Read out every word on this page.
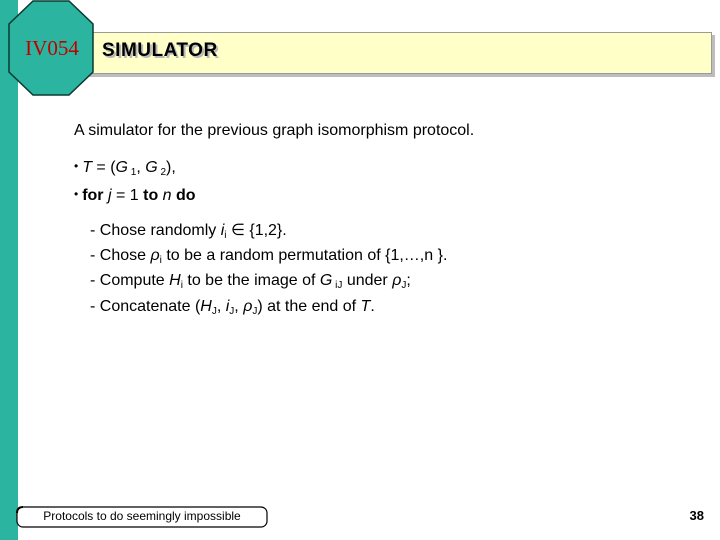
IV054	SIMULATOR
A simulator for the previous graph isomorphism protocol.
• T = (G $_1$, G $_2$),
• for j = 1 to n do
- Chose randomly $i_i$ ∈ {1,2}.
- Chose $\rho_i$ to be a random permutation of {1,…,n }.
- Compute $H_i$ to be the image of G $_{iJ}$ under $\rho_J$;
- Concatenate ($H_J$, $i_J$, $\rho_J$) at the end of T.
Protocols to do seemingly impossible	38
